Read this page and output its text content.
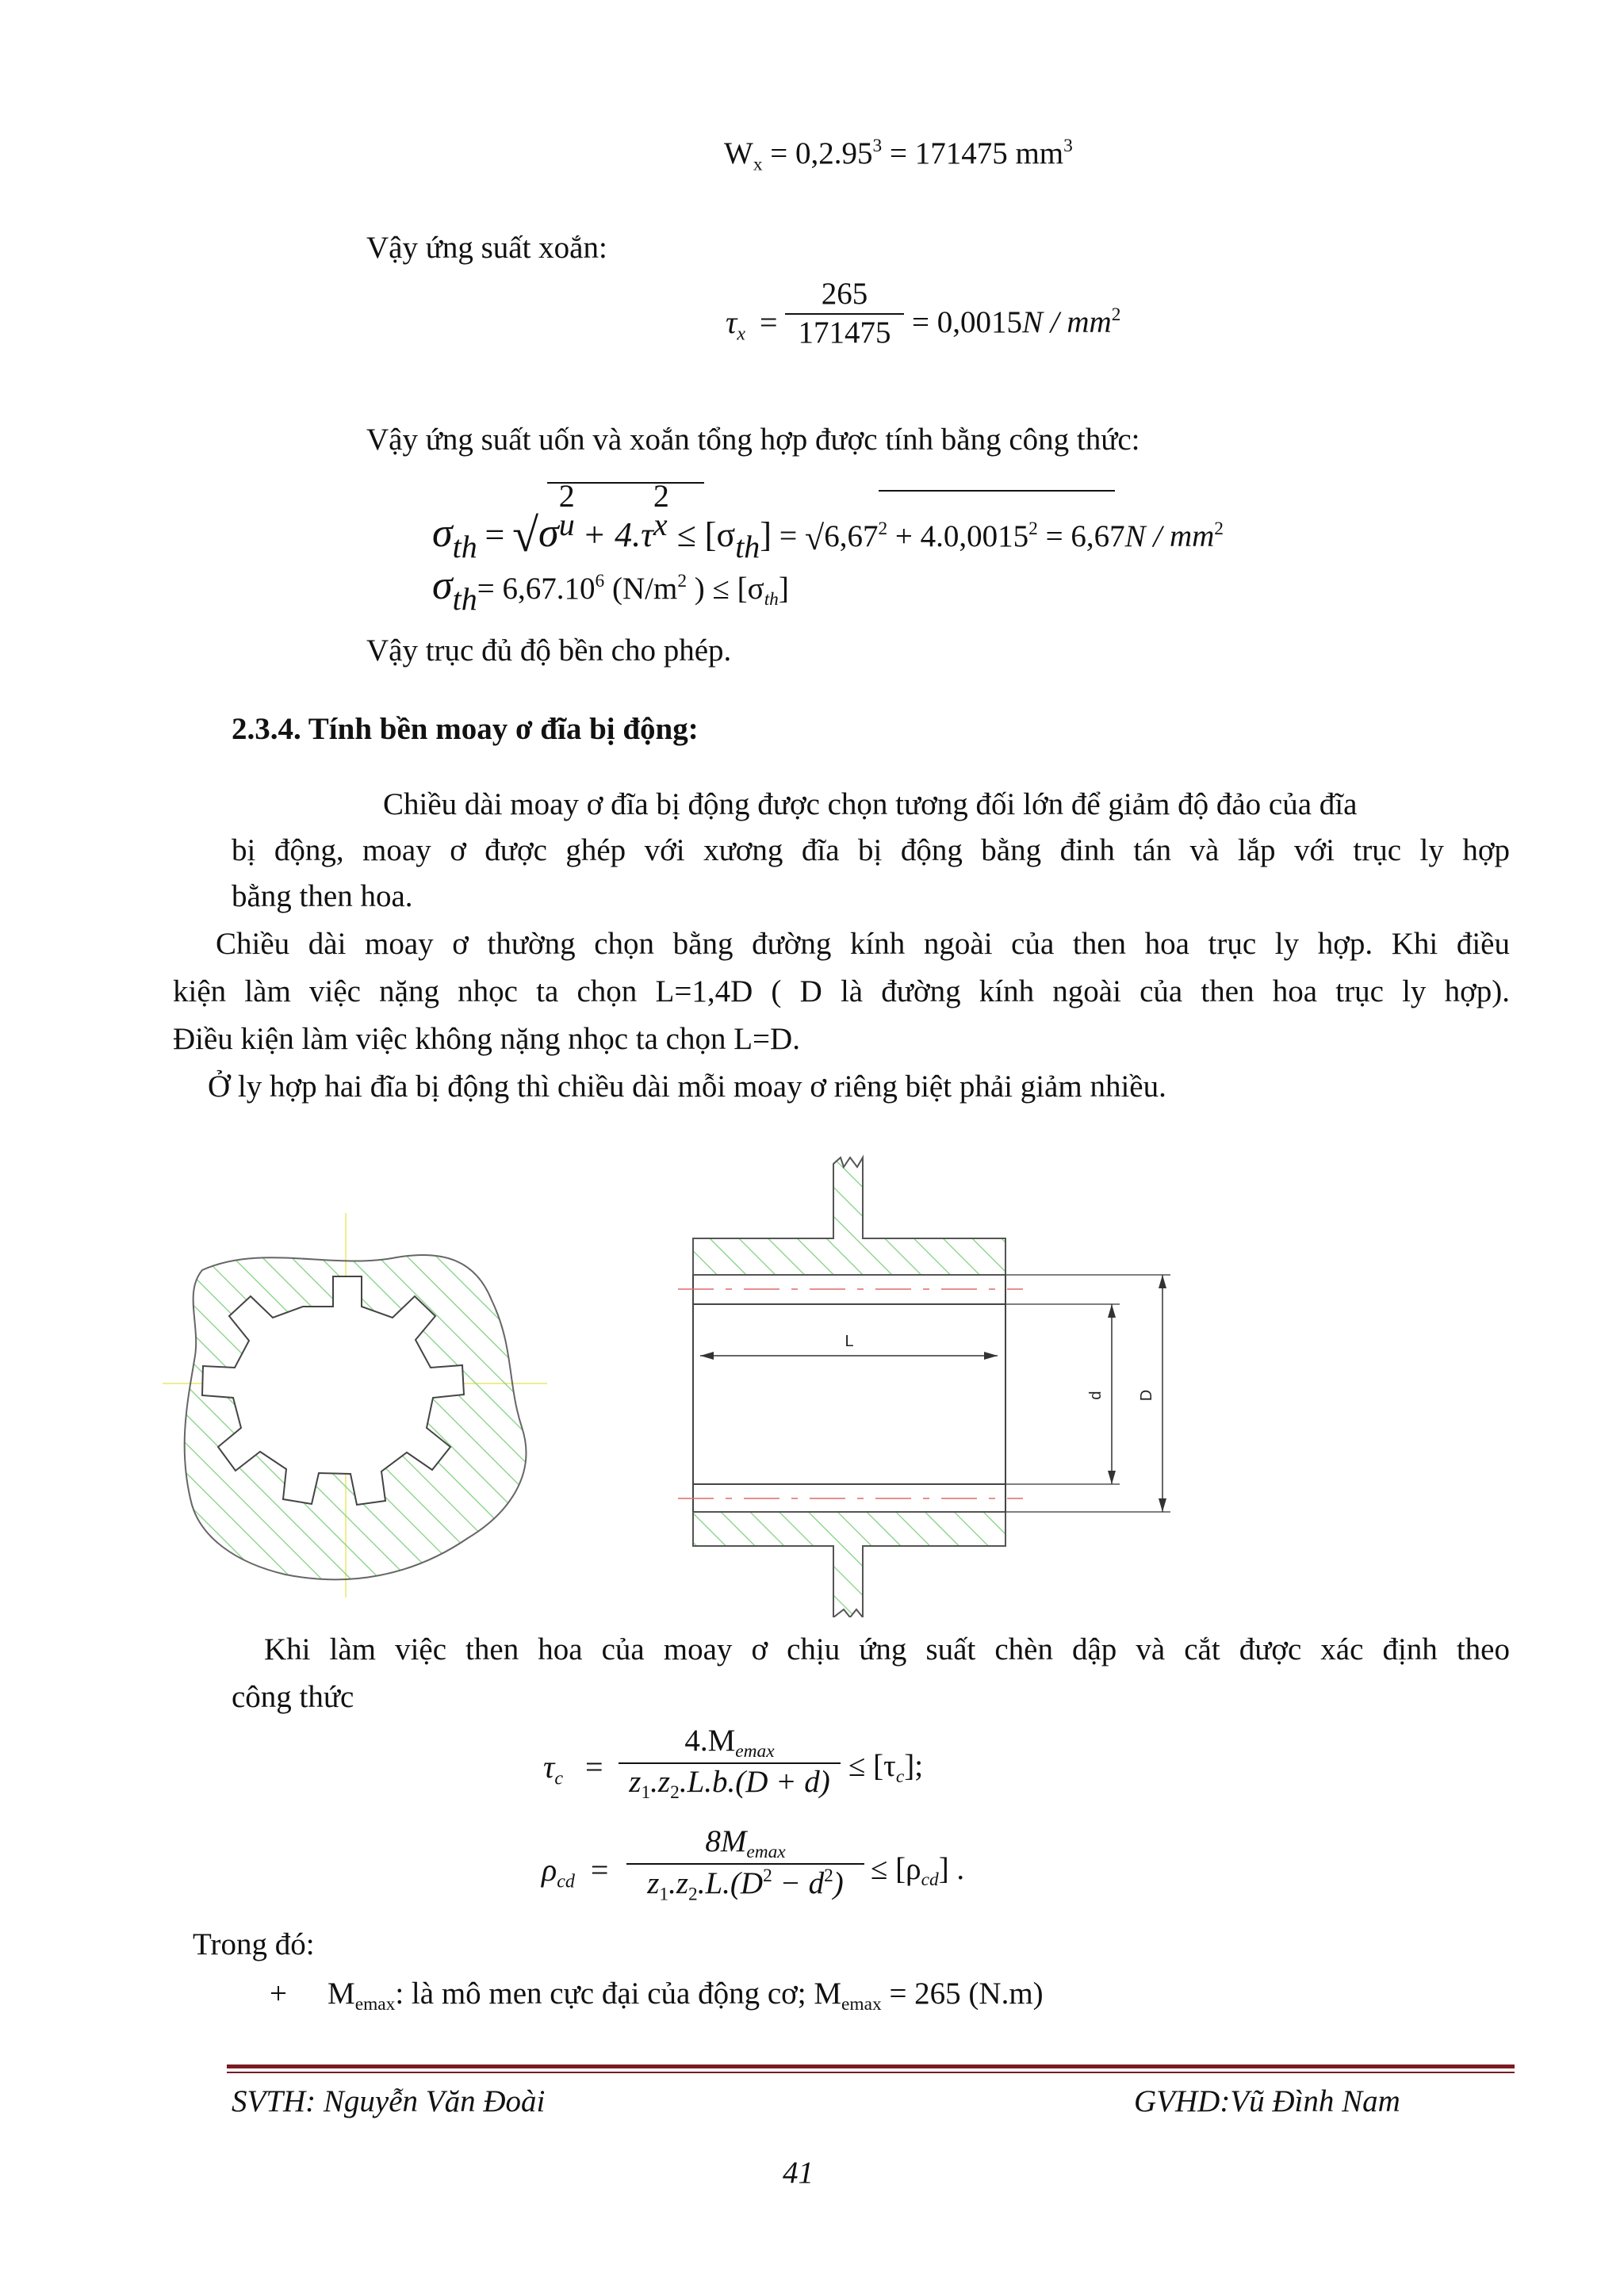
$W_x = 0,2.95^3 = 171475$ $mm^3$
Vậy ứng suất xoắn:
$\tau_x$ =
265
$171475 = 0,0015N / mm^2$
Vậy ứng suất uốn và xoắn tổng hợp được tính bằng công thức:
σth = √σ2
u + 4.τ2
$x \le [\sigma th] = √6,67^2 + 4.0,0015^2 = 6,67N / mm^2$
$\sigma th= 6,67.10^6$ ($N/m^2$ ) ≤ $[\sigma_{th}]$
Vậy trục đủ độ bền cho phép.
2.3.4. Tính bền moay ơ đĩa bị động:
Chiều dài moay ơ đĩa bị động được chọn tương đối lớn để giảm độ đảo của đĩa
bị động, moay ơ được ghép với xương đĩa bị động bằng đinh tán và lắp với trục ly hợp
bằng then hoa.
Chiều dài moay ơ thường chọn bằng đường kính ngoài của then hoa trục ly hợp. Khi điều
kiện làm việc nặng nhọc ta chọn L=1,4D ( D là đường kính ngoài của then hoa trục ly hợp).
Điều kiện làm việc không nặng nhọc ta chọn L=D.
Ở ly hợp hai đĩa bị động thì chiều dài mỗi moay ơ riêng biệt phải giảm nhiều.
L
d D
Khi làm việc then hoa của moay ơ chịu ứng suất chèn dập và cắt được xác định theo
công thức
$\tau_c$ =
$4.M_{emax}$
$z_1.z_2.L.b.(D + d) \le [\tau_c]$;
$\rho_{cd}$ =
$8M_{emax}$
$z_1.z_2.L.(D^2 - d^2) \le [\rho_{cd}]$ .
Trong đó:
+ $M_{emax}$: là mô men cực đại của động cơ; $M_{emax} = 265$ (N.m)
SVTH: Nguyễn Văn Đoài	GVHD:Vũ Đình Nam
41
